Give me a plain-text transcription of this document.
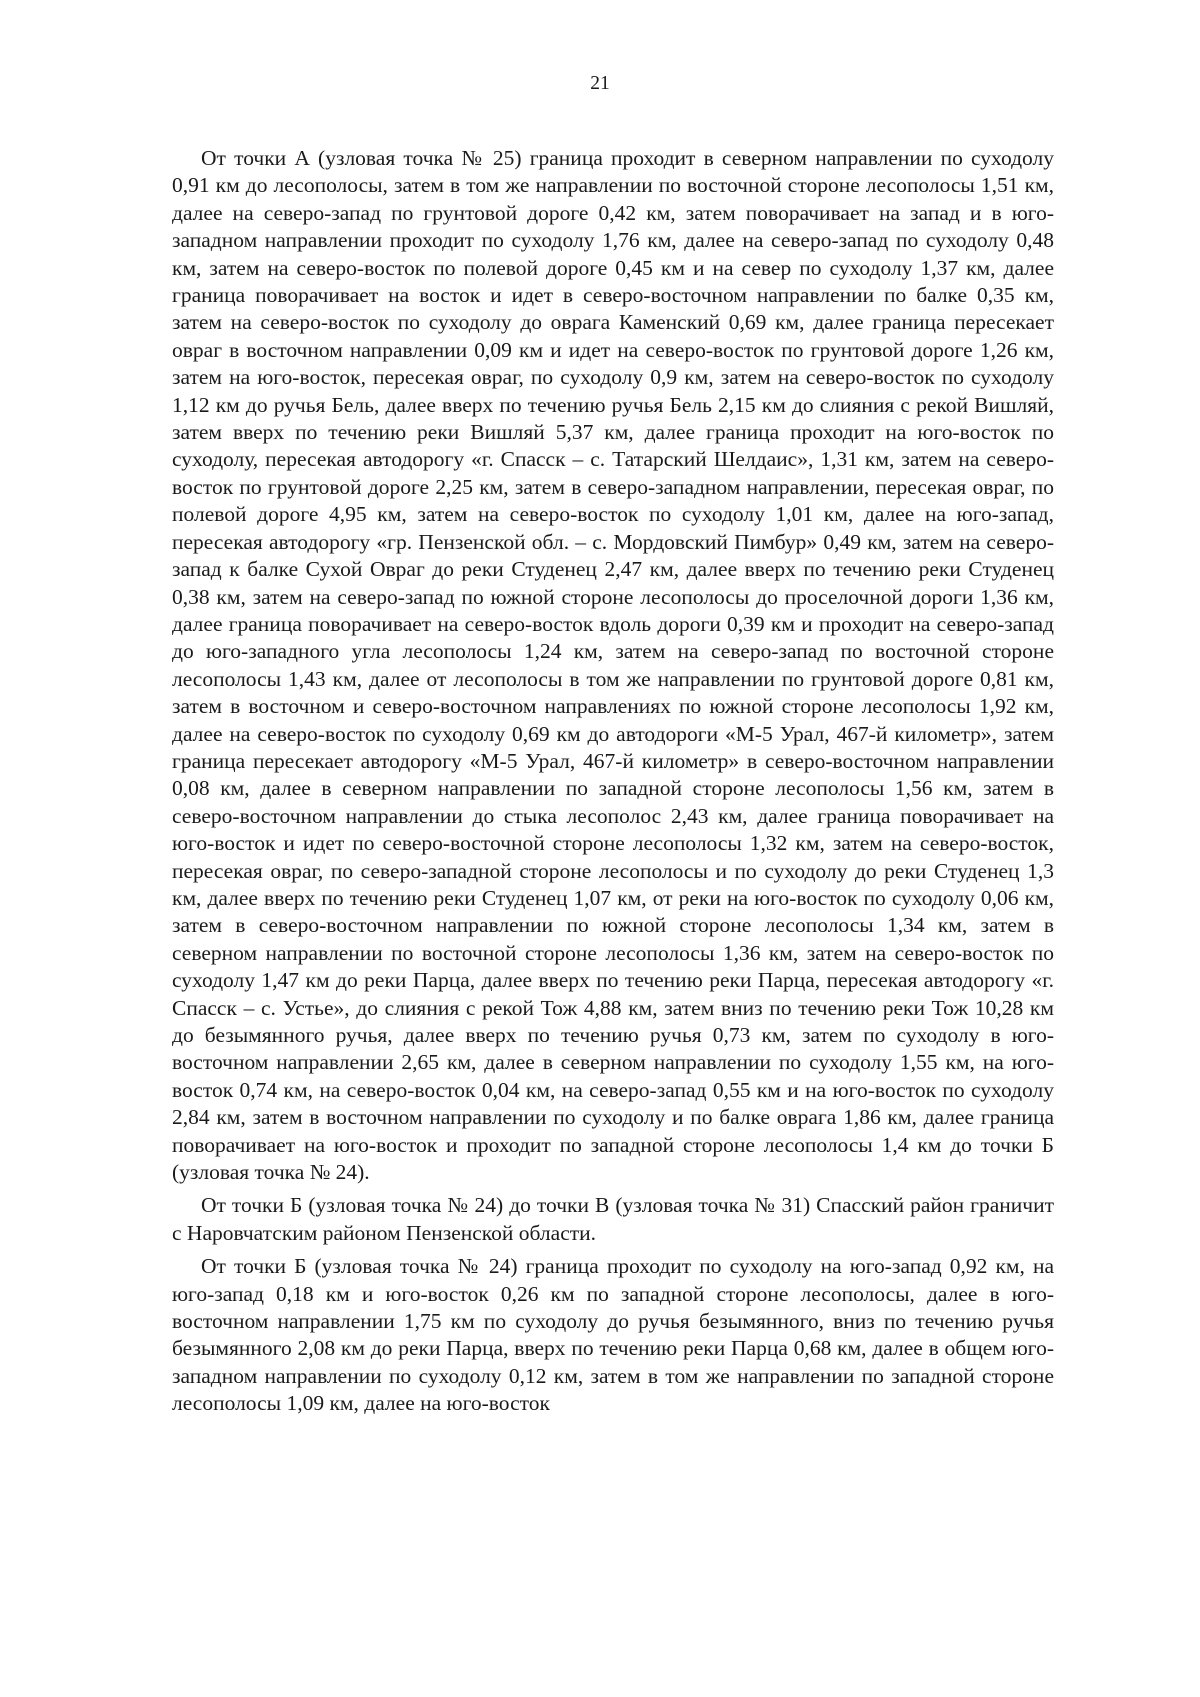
21

От точки А (узловая точка № 25) граница проходит в северном направлении по суходолу 0,91 км до лесополосы, затем в том же направлении по восточной стороне лесополосы 1,51 км, далее на северо-запад по грунтовой дороге 0,42 км, затем поворачивает на запад и в юго-западном направлении проходит по суходолу 1,76 км, далее на северо-запад по суходолу 0,48 км, затем на северо-восток по полевой дороге 0,45 км и на север по суходолу 1,37 км, далее граница поворачивает на восток и идет в северо-восточном направлении по балке 0,35 км, затем на северо-восток по суходолу до оврага Каменский 0,69 км, далее граница пересекает овраг в восточном направлении 0,09 км и идет на северо-восток по грунтовой дороге 1,26 км, затем на юго-восток, пересекая овраг, по суходолу 0,9 км, затем на северо-восток по суходолу 1,12 км до ручья Бель, далее вверх по течению ручья Бель 2,15 км до слияния с рекой Вишляй, затем вверх по течению реки Вишляй 5,37 км, далее граница проходит на юго-восток по суходолу, пересекая автодорогу «г. Спасск – с. Татарский Шелдаис», 1,31 км, затем на северо-восток по грунтовой дороге 2,25 км, затем в северо-западном направлении, пересекая овраг, по полевой дороге 4,95 км, затем на северо-восток по суходолу 1,01 км, далее на юго-запад, пересекая автодорогу «гр. Пензенской обл. – с. Мордовский Пимбур» 0,49 км, затем на северо-запад к балке Сухой Овраг до реки Студенец 2,47 км, далее вверх по течению реки Студенец 0,38 км, затем на северо-запад по южной стороне лесополосы до проселочной дороги 1,36 км, далее граница поворачивает на северо-восток вдоль дороги 0,39 км и проходит на северо-запад до юго-западного угла лесополосы 1,24 км, затем на северо-запад по восточной стороне лесополосы 1,43 км, далее от лесополосы в том же направлении по грунтовой дороге 0,81 км, затем в восточном и северо-восточном направлениях по южной стороне лесополосы 1,92 км, далее на северо-восток по суходолу 0,69 км до автодороги «М-5 Урал, 467-й километр», затем граница пересекает автодорогу «М-5 Урал, 467-й километр» в северо-восточном направлении 0,08 км, далее в северном направлении по западной стороне лесополосы 1,56 км, затем в северо-восточном направлении до стыка лесополос 2,43 км, далее граница поворачивает на юго-восток и идет по северо-восточной стороне лесополосы 1,32 км, затем на северо-восток, пересекая овраг, по северо-западной стороне лесополосы и по суходолу до реки Студенец 1,3 км, далее вверх по течению реки Студенец 1,07 км, от реки на юго-восток по суходолу 0,06 км, затем в северо-восточном направлении по южной стороне лесополосы 1,34 км, затем в северном направлении по восточной стороне лесополосы 1,36 км, затем на северо-восток по суходолу 1,47 км до реки Парца, далее вверх по течению реки Парца, пересекая автодорогу «г. Спасск – с. Устье», до слияния с рекой Тож 4,88 км, затем вниз по течению реки Тож 10,28 км до безымянного ручья, далее вверх по течению ручья 0,73 км, затем по суходолу в юго-восточном направлении 2,65 км, далее в северном направлении по суходолу 1,55 км, на юго-восток 0,74 км, на северо-восток 0,04 км, на северо-запад 0,55 км и на юго-восток по суходолу 2,84 км, затем в восточном направлении по суходолу и по балке оврага 1,86 км, далее граница поворачивает на юго-восток и проходит по западной стороне лесополосы 1,4 км до точки Б (узловая точка № 24).

От точки Б (узловая точка № 24) до точки В (узловая точка № 31) Спасский район граничит с Наровчатским районом Пензенской области.

От точки Б (узловая точка № 24) граница проходит по суходолу на юго-запад 0,92 км, на юго-запад 0,18 км и юго-восток 0,26 км по западной стороне лесополосы, далее в юго-восточном направлении 1,75 км по суходолу до ручья безымянного, вниз по течению ручья безымянного 2,08 км до реки Парца, вверх по течению реки Парца 0,68 км, далее в общем юго-западном направлении по суходолу 0,12 км, затем в том же направлении по западной стороне лесополосы 1,09 км, далее на юго-восток
